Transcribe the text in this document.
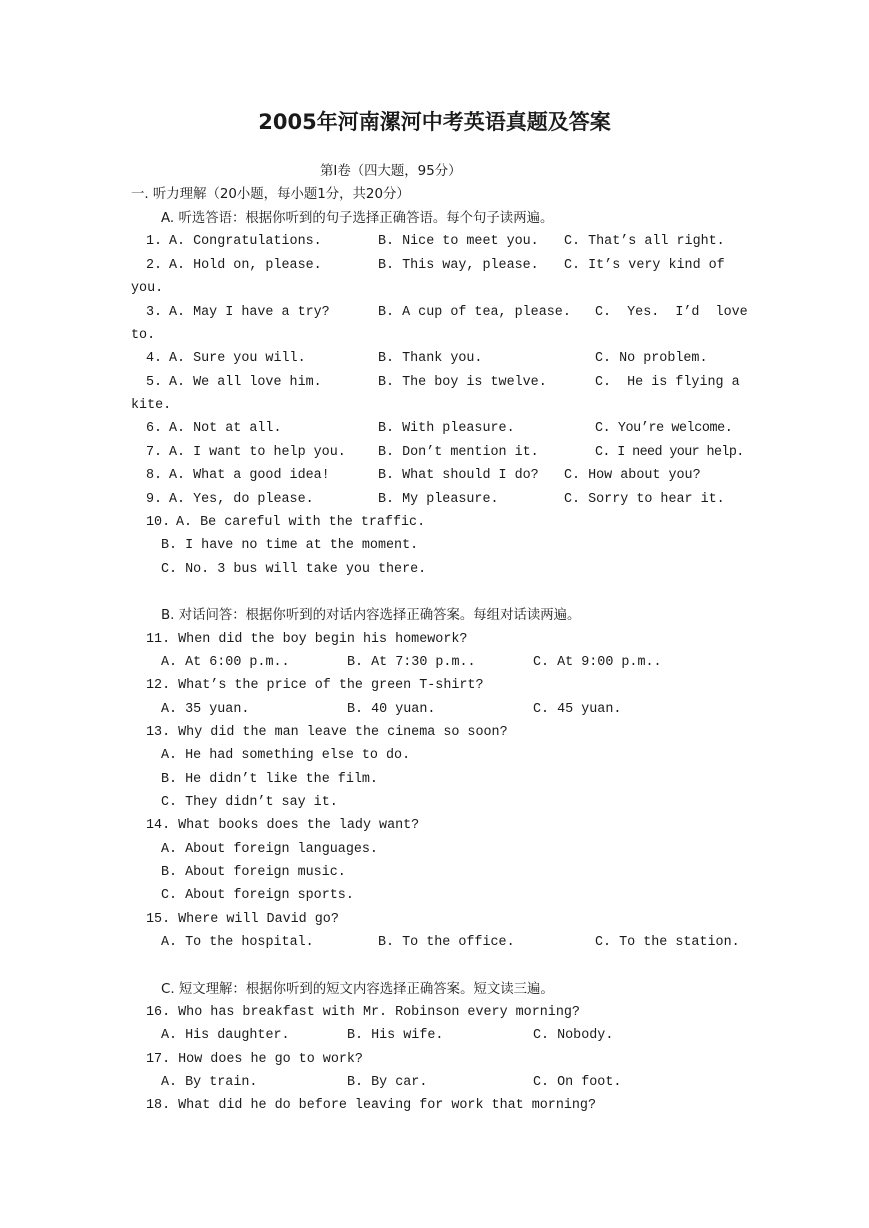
2005年河南漯河中考英语真题及答案
第Ⅰ卷（四大题，95分）
一. 听力理解（20小题，每小题1分，共20分）
A. 听选答语：根据你听到的句子选择正确答语。每个句子读两遍。
1. A. Congratulations.	B. Nice to meet you. C. That’s all right.
2. A. Hold on, please.	B. This way, please. C. It’s very kind of
you.
3. A. May I have a try?	B. A cup of tea, please. C.  Yes.  I’d  love
to.
4. A. Sure you will.	B. Thank you.	C. No problem.
5. A. We all love him.	B. The boy is twelve.	C.  He is flying a
kite.
6. A. Not at all.	B. With pleasure.	C. You’re welcome.
7. A. I want to help you. B. Don’t mention it.	C. I need your help.
8. A. What a good idea!	B. What should I do? C. How about you?
9. A. Yes, do please.	B. My pleasure.	C. Sorry to hear it.
10. A. Be careful with the traffic.
B. I have no time at the moment.
C. No. 3 bus will take you there.
B. 对话问答：根据你听到的对话内容选择正确答案。每组对话读两遍。
11. When did the boy begin his homework?
A. At 6:00 p.m..	B. At 7:30 p.m..	C. At 9:00 p.m..
12. What’s the price of the green T-shirt?
A. 35 yuan.	B. 40 yuan.	C. 45 yuan.
13. Why did the man leave the cinema so soon?
A. He had something else to do.
B. He didn’t like the film.
C. They didn’t say it.
14. What books does the lady want?
A. About foreign languages.
B. About foreign music.
C. About foreign sports.
15. Where will David go?
A. To the hospital.	B. To the office.	C. To the station.
C. 短文理解：根据你听到的短文内容选择正确答案。短文读三遍。
16. Who has breakfast with Mr. Robinson every morning?
A. His daughter.	B. His wife.	C. Nobody.
17. How does he go to work?
A. By train.	B. By car.	C. On foot.
18. What did he do before leaving for work that morning?
